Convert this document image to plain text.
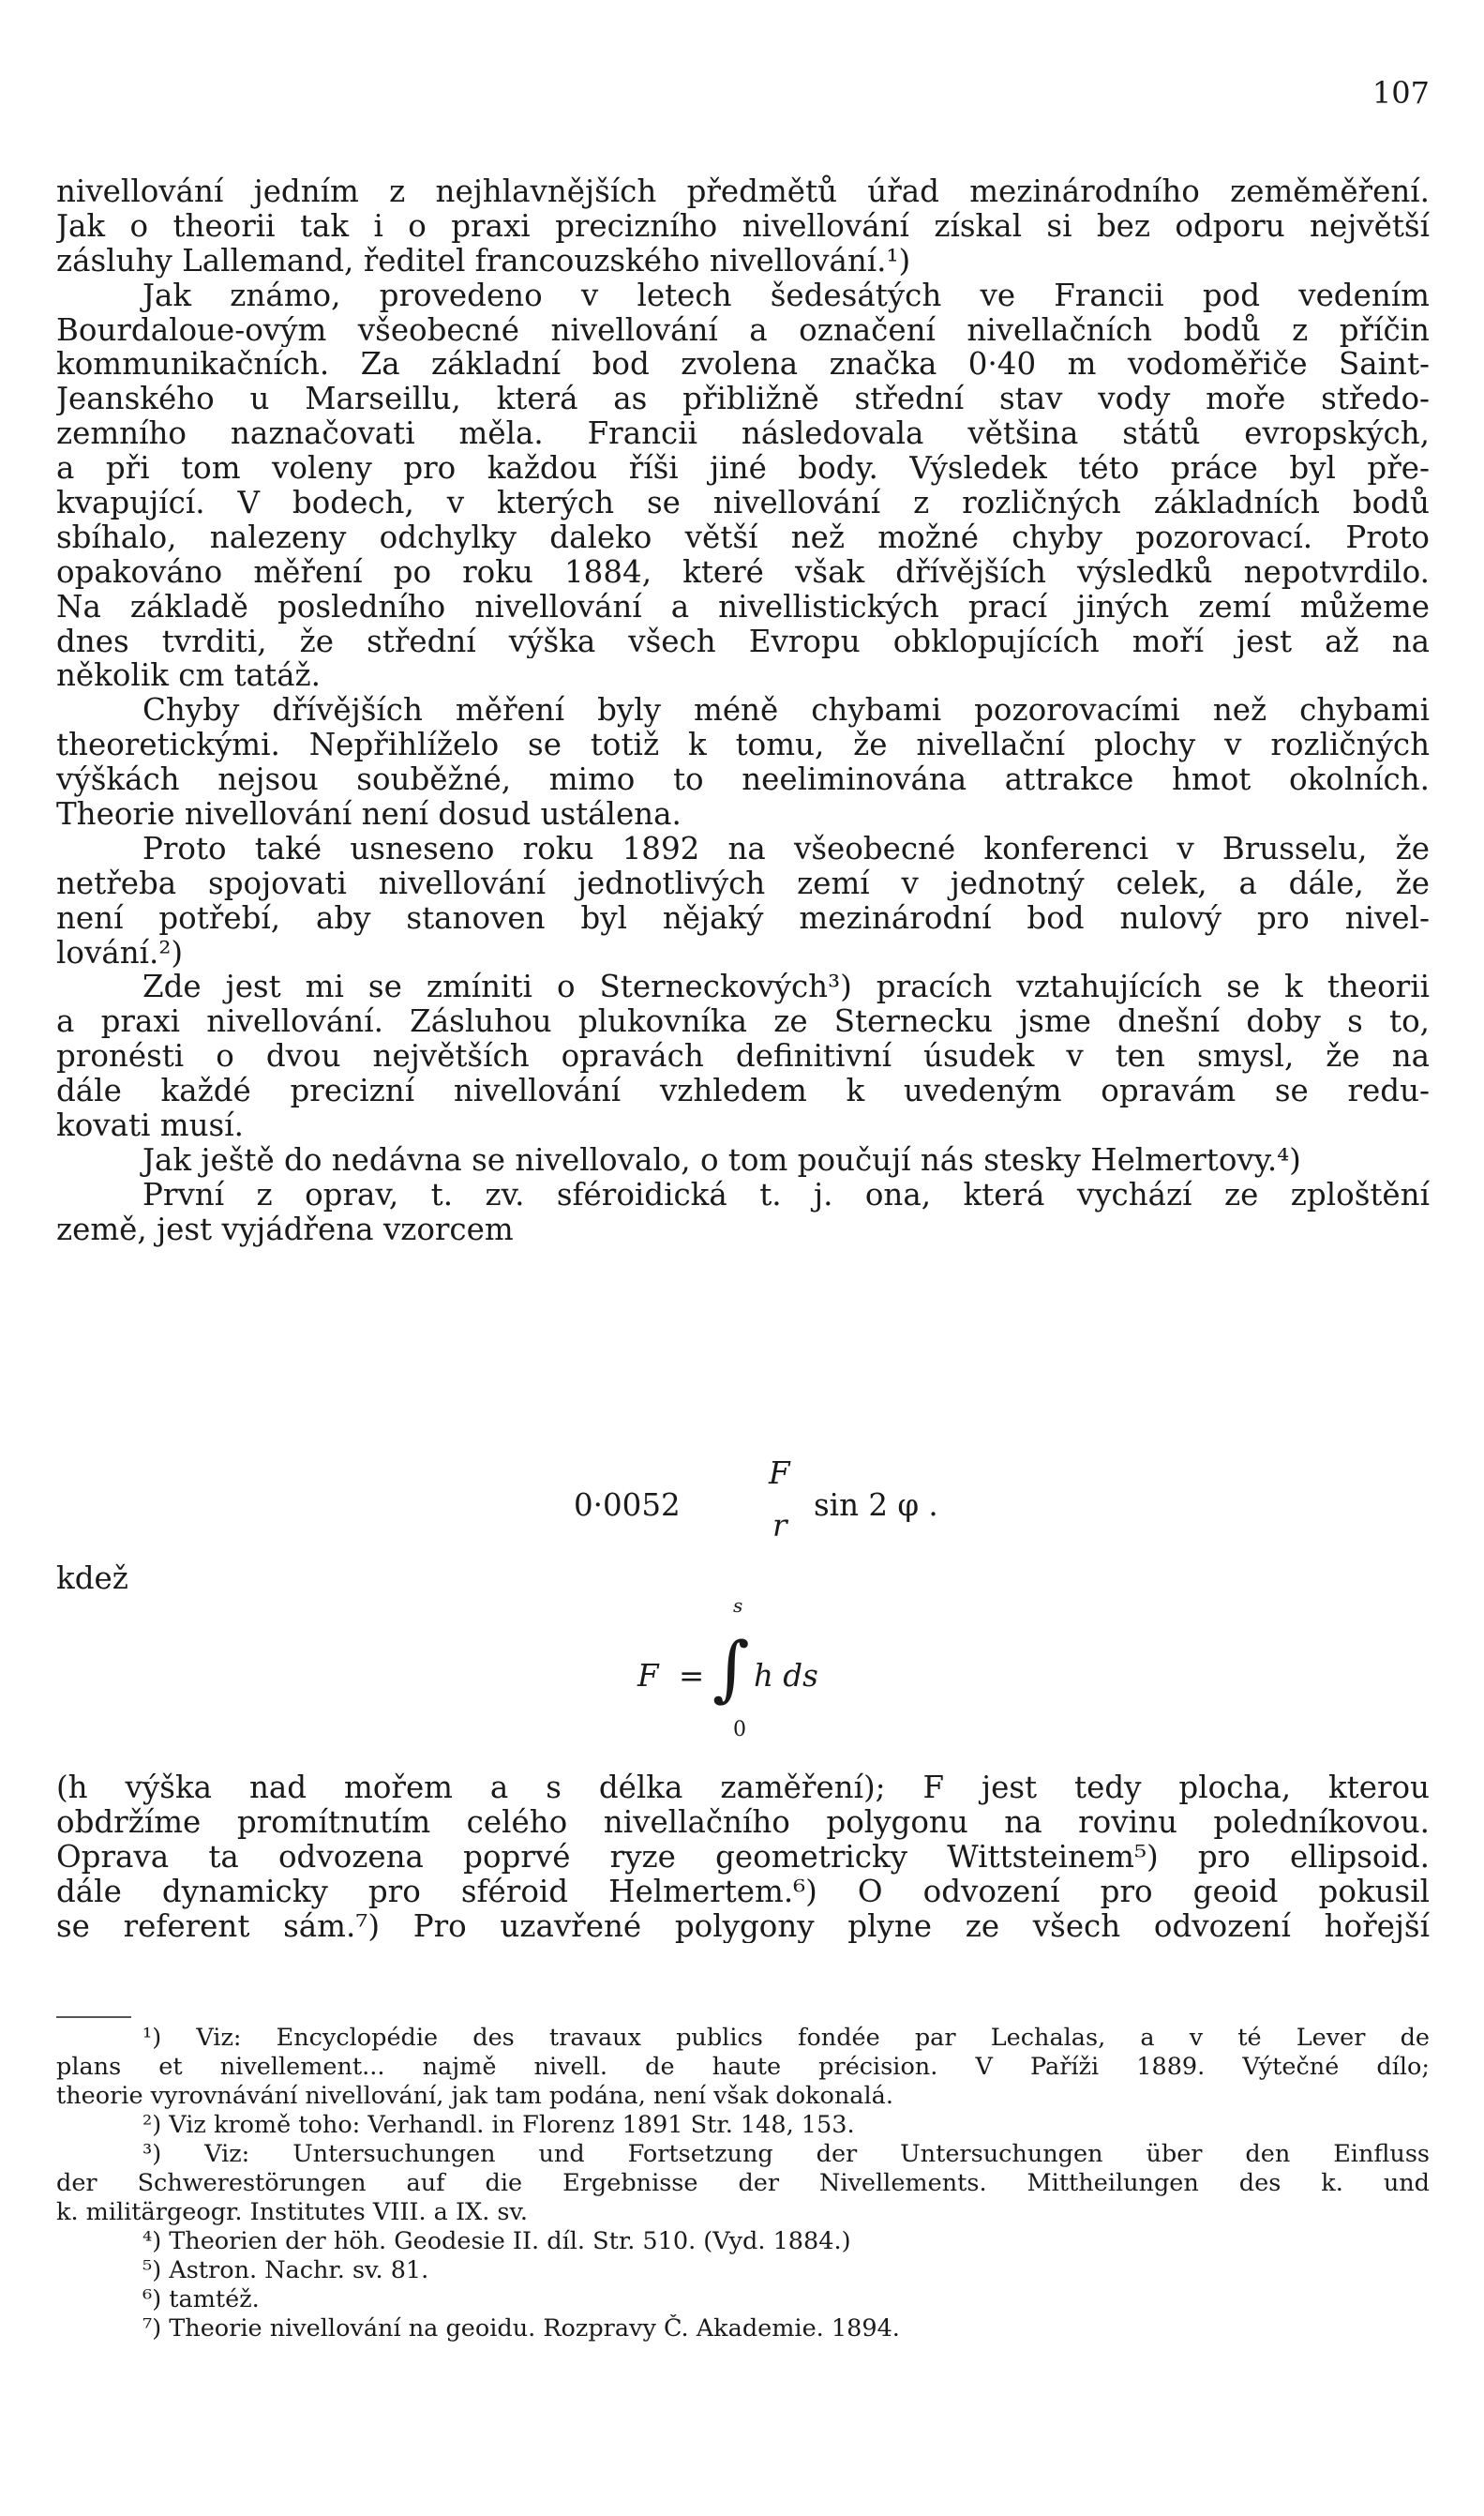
107
nivellování jedním z nejhlavnějších předmětů úřad mezinárodního zeměměření.
Jak o theorii tak i o praxi precizního nivellování získal si bez odporu největší
zásluhy Lallemand, ředitel francouzského nivellování.¹)
Jak známo, provedeno v letech šedesátých ve Francii pod vedením
Bourdaloue-ovým všeobecné nivellování a označení nivellačních bodů z příčin
kommunikačních. Za základní bod zvolena značka 0·40 m vodoměřiče Saint-
Jeanského u Marseillu, která as přibližně střední stav vody moře středo-
zemního naznačovati měla. Francii následovala většina států evropských,
a při tom voleny pro každou říši jiné body. Výsledek této práce byl pře-
kvapující. V bodech, v kterých se nivellování z rozličných základních bodů
sbíhalo, nalezeny odchylky daleko větší než možné chyby pozorovací. Proto
opakováno měření po roku 1884, které však dřívějších výsledků nepotvrdilo.
Na základě posledního nivellování a nivellistických prací jiných zemí můžeme
dnes tvrditi, že střední výška všech Evropu obklopujících moří jest až na
několik cm tatáž.
Chyby dřívějších měření byly méně chybami pozorovacími než chybami
theoretickými. Nepřihlíželo se totiž k tomu, že nivellační plochy v rozličných
výškách nejsou souběžné, mimo to neeliminována attrakce hmot okolních.
Theorie nivellování není dosud ustálena.
Proto také usneseno roku 1892 na všeobecné konferenci v Brusselu, že
netřeba spojovati nivellování jednotlivých zemí v jednotný celek, a dále, že
není potřebí, aby stanoven byl nějaký mezinárodní bod nulový pro nivel-
lování.²)
Zde jest mi se zmíniti o Sterneckových³) pracích vztahujících se k theorii
a praxi nivellování. Zásluhou plukovníka ze Sternecku jsme dnešní doby s to,
pronésti o dvou největších opravách definitivní úsudek v ten smysl, že na
dále každé precizní nivellování vzhledem k uvedeným opravám se redu-
kovati musí.
Jak ještě do nedávna se nivellovalo, o tom poučují nás stesky Helmertovy.⁴)
První z oprav, t. zv. sféroidická t. j. ona, která vychází ze zploštění
země, jest vyjádřena vzorcem
0·0052
F
r
sin 2 φ .
kdež
F = ∫
s
0
h ds
(h výška nad mořem a s délka zaměření); F jest tedy plocha, kterou
obdržíme promítnutím celého nivellačního polygonu na rovinu poledníkovou.
Oprava ta odvozena poprvé ryze geometricky Wittsteinem⁵) pro ellipsoid.
dále dynamicky pro sféroid Helmertem.⁶) O odvození pro geoid pokusil
se referent sám.⁷) Pro uzavřené polygony plyne ze všech odvození hořejší
¹) Viz: Encyclopédie des travaux publics fondée par Lechalas, a v té Lever de
plans et nivellement... najmě nivell. de haute précision. V Paříži 1889. Výtečné dílo;
theorie vyrovnávání nivellování, jak tam podána, není však dokonalá.
²) Viz kromě toho: Verhandl. in Florenz 1891 Str. 148, 153.
³) Viz: Untersuchungen und Fortsetzung der Untersuchungen über den Einfluss
der Schwerestörungen auf die Ergebnisse der Nivellements. Mittheilungen des k. und
k. militärgeogr. Institutes VIII. a IX. sv.
⁴) Theorien der höh. Geodesie II. díl. Str. 510. (Vyd. 1884.)
⁵) Astron. Nachr. sv. 81.
⁶) tamtéž.
⁷) Theorie nivellování na geoidu. Rozpravy Č. Akademie. 1894.
